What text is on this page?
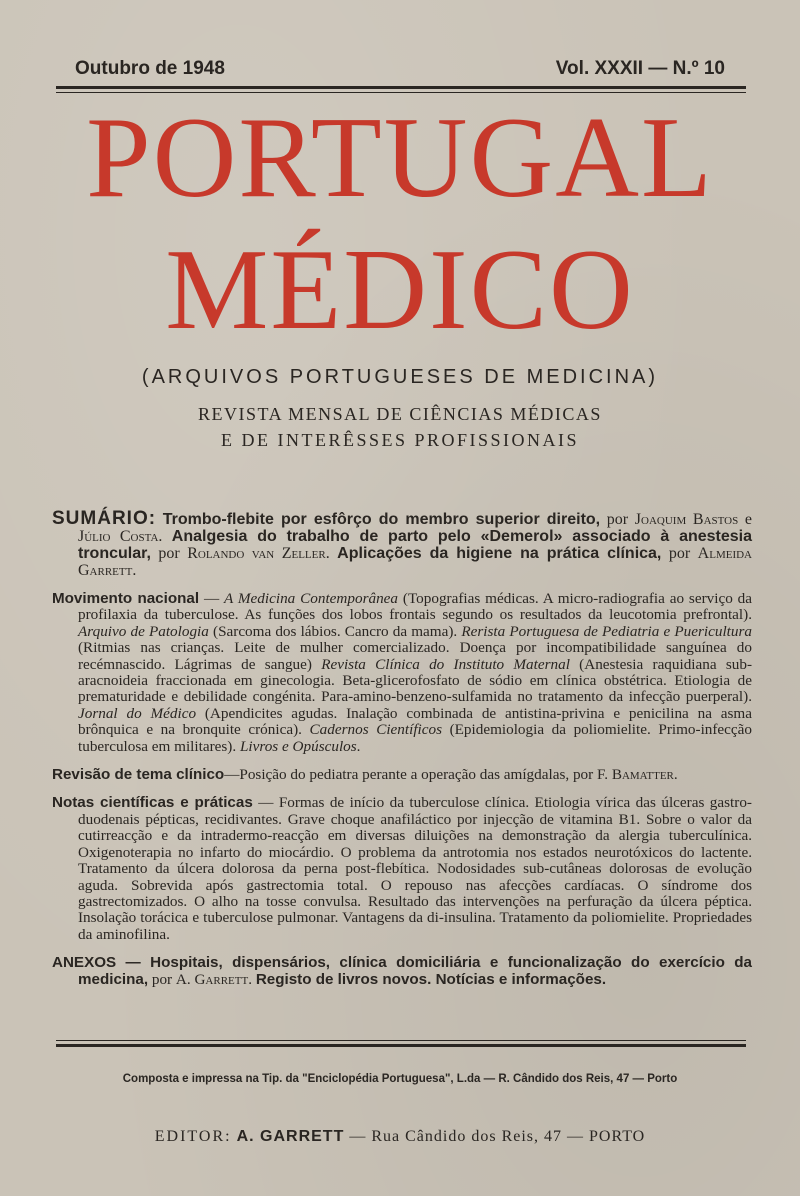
Outubro de 1948	Vol. XXXII — N.º 10
PORTUGAL
MÉDICO
(ARQUIVOS PORTUGUESES DE MEDICINA)
REVISTA MENSAL DE CIÊNCIAS MÉDICAS
E DE INTERÊSSES PROFISSIONAIS
SUMÁRIO: Trombo-flebite por esfôrço do membro superior direito, por Joaquim Bastos e Júlio Costa. Analgesia do trabalho de parto pelo «Demerol» associado à anestesia troncular, por Rolando van Zeller. Aplicações da higiene na prática clínica, por Almeida Garrett.
Movimento nacional — A Medicina Contemporânea (Topografias médicas. A micro-radiografia ao serviço da profilaxia da tuberculose. As funções dos lobos frontais segundo os resultados da leucotomia prefrontal). Arquivo de Patologia (Sarcoma dos lábios. Cancro da mama). Rerista Portuguesa de Pediatria e Puericultura (Ritmias nas crianças. Leite de mulher comercializado. Doença por incompatibilidade sanguínea do recémnascido. Lágrimas de sangue) Revista Clínica do Instituto Maternal (Anestesia raquidiana sub-aracnoideia fraccionada em ginecologia. Beta-glicerofosfato de sódio em clínica obstétrica. Etiologia de prematuridade e debilidade congénita. Para-amino-benzeno-sulfamida no tratamento da infecção puerperal). Jornal do Médico (Apendicites agudas. Inalação combinada de antistina-privina e penicilina na asma brônquica e na bronquite crónica). Cadernos Científicos (Epidemiologia da poliomielite. Primo-infecção tuberculosa em militares). Livros e Opúsculos.
Revisão de tema clínico—Posição do pediatra perante a operação das amígdalas, por F. Bamatter.
Notas científicas e práticas — Formas de início da tuberculose clínica. Etiologia vírica das úlceras gastro-duodenais pépticas, recidivantes. Grave choque anafiláctico por injecção de vitamina B1. Sobre o valor da cutirreacção e da intradermo-reacção em diversas diluições na demonstração da alergia tuberculínica. Oxigenoterapia no infarto do miocárdio. O problema da antrotomia nos estados neurotóxicos do lactente. Tratamento da úlcera dolorosa da perna post-flebítica. Nodosidades sub-cutâneas dolorosas de evolução aguda. Sobrevida após gastrectomia total. O repouso nas afecções cardíacas. O síndrome dos gastrectomizados. O alho na tosse convulsa. Resultado das intervenções na perfuração da úlcera péptica. Insolação torácica e tuberculose pulmonar. Vantagens da di-insulina. Tratamento da poliomielite. Propriedades da aminofilina.
ANEXOS — Hospitais, dispensários, clínica domiciliária e funcionalização do exercício da medicina, por A. Garrett. Registo de livros novos. Notícias e informações.
Composta e impressa na Tip. da "Enciclopédia Portuguesa", L.da — R. Cândido dos Reis, 47 — Porto
EDITOR: A. GARRETT — Rua Cândido dos Reis, 47 — PORTO
